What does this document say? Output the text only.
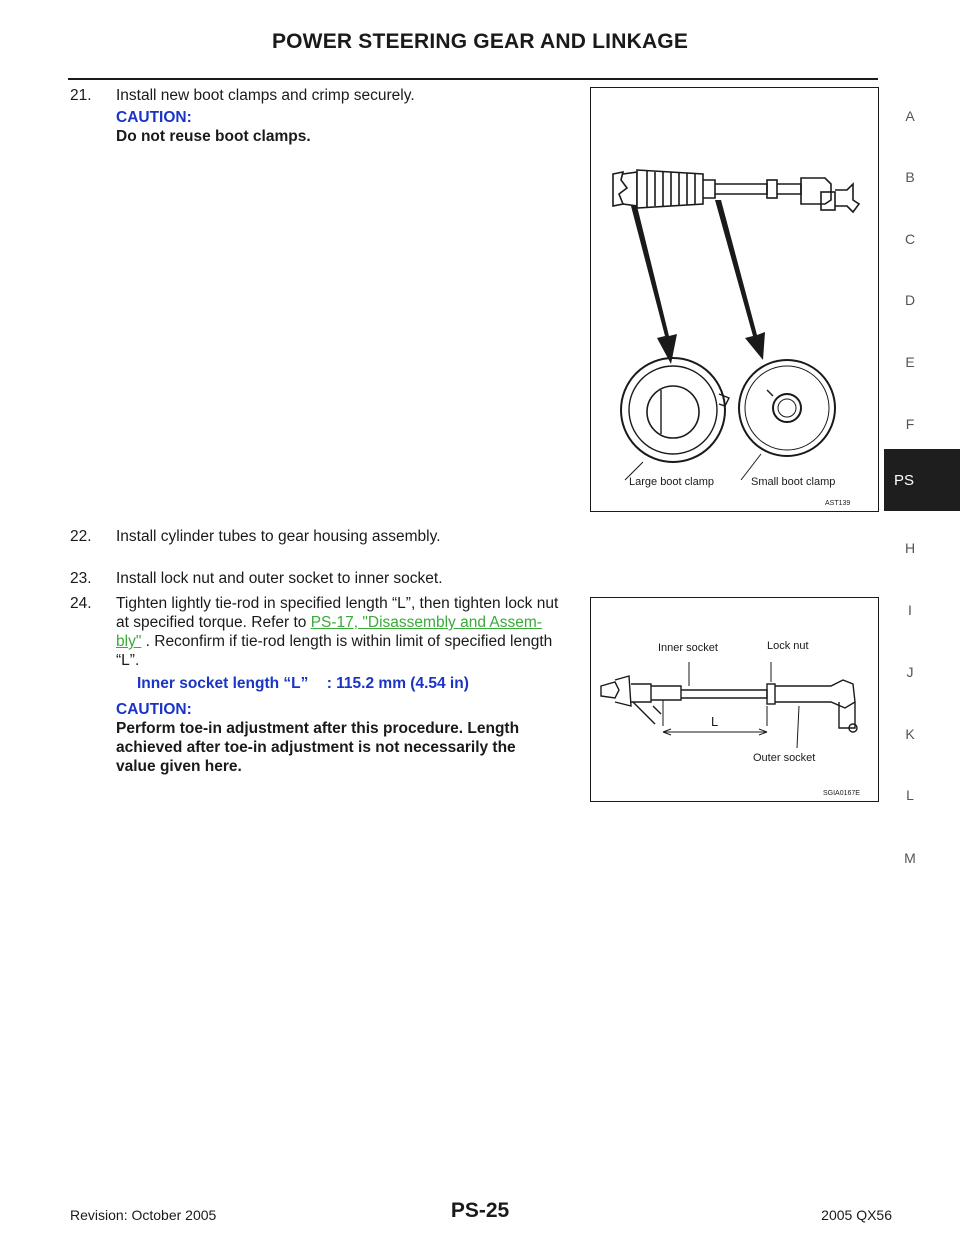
POWER STEERING GEAR AND LINKAGE
21. Install new boot clamps and crimp securely.
CAUTION:
Do not reuse boot clamps.
Large boot clamp	Small boot clamp
AST139
22. Install cylinder tubes to gear housing assembly.
23. Install lock nut and outer socket to inner socket.
24. Tighten lightly tie-rod in specified length “L”, then tighten lock nut
at specified torque. Refer to PS-17, "Disassembly and Assem-
bly" . Reconfirm if tie-rod length is within limit of specified length
“L”.
Inner socket length “L” : 115.2 mm (4.54 in)
CAUTION:
Perform toe-in adjustment after this procedure. Length
achieved after toe-in adjustment is not necessarily the
value given here.
Inner socket	Lock nut
L
Outer socket
SGIA0167E
A
B
C
D
E
F
PS
H
I
J
K
L
M
Revision: October 2005	PS-25	2005 QX56
